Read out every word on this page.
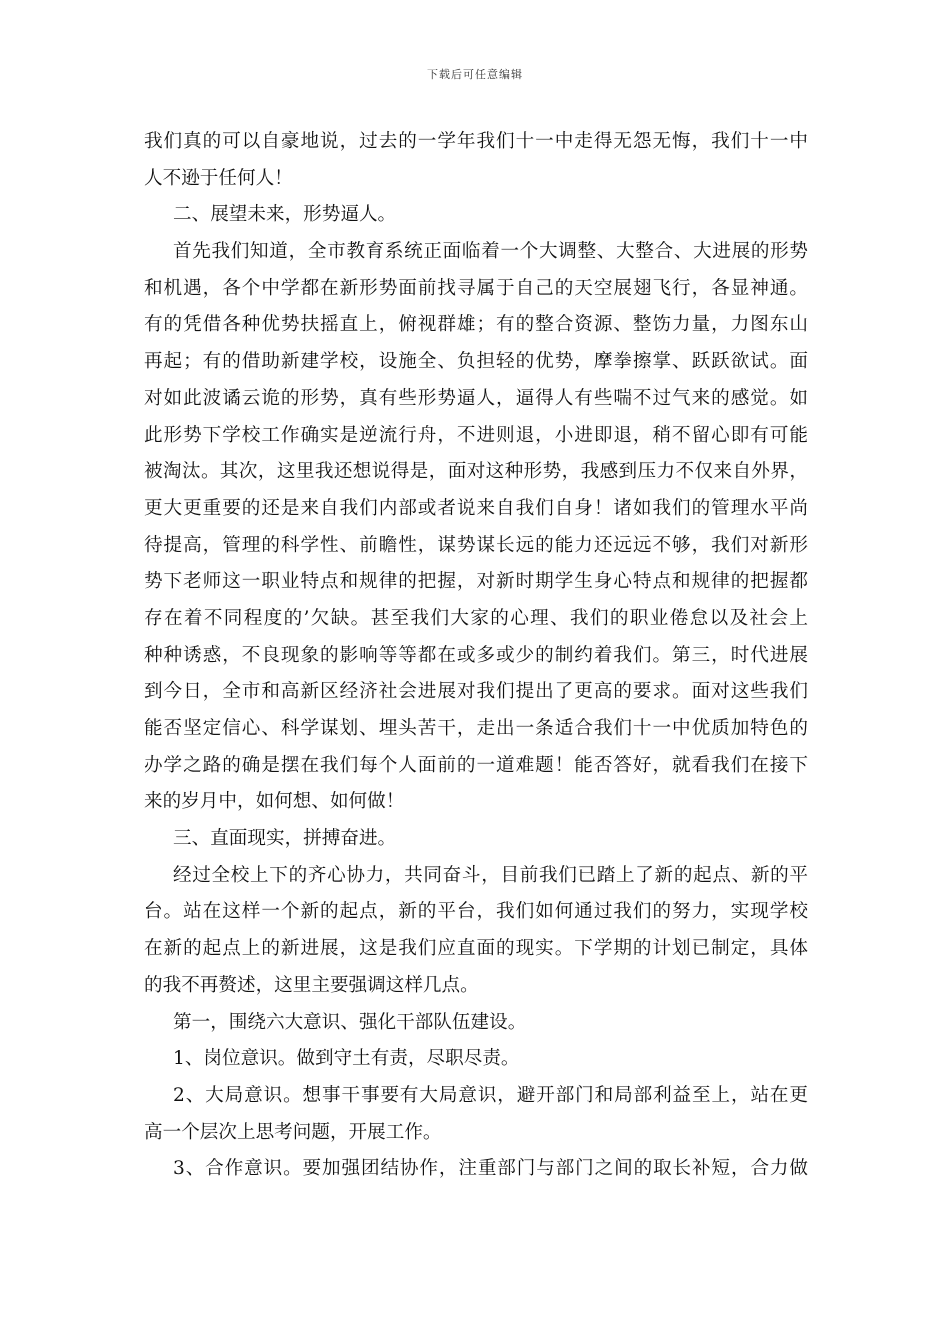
下载后可任意编辑
我们真的可以自豪地说，过去的一学年我们十一中走得无怨无悔，我们十一中
人不逊于任何人！
二、展望未来，形势逼人。
首先我们知道，全市教育系统正面临着一个大调整、大整合、大进展的形势
和机遇，各个中学都在新形势面前找寻属于自己的天空展翅飞行，各显神通。
有的凭借各种优势扶摇直上，俯视群雄；有的整合资源、整饬力量，力图东山
再起；有的借助新建学校，设施全、负担轻的优势，摩拳擦掌、跃跃欲试。面
对如此波谲云诡的形势，真有些形势逼人，逼得人有些喘不过气来的感觉。如
此形势下学校工作确实是逆流行舟，不进则退，小进即退，稍不留心即有可能
被淘汰。其次，这里我还想说得是，面对这种形势，我感到压力不仅来自外界，
更大更重要的还是来自我们内部或者说来自我们自身！诸如我们的管理水平尚
待提高，管理的科学性、前瞻性，谋势谋长远的能力还远远不够，我们对新形
势下老师这一职业特点和规律的把握，对新时期学生身心特点和规律的把握都
存在着不同程度的’欠缺。甚至我们大家的心理、我们的职业倦怠以及社会上
种种诱惑，不良现象的影响等等都在或多或少的制约着我们。第三，时代进展
到今日，全市和高新区经济社会进展对我们提出了更高的要求。面对这些我们
能否坚定信心、科学谋划、埋头苦干，走出一条适合我们十一中优质加特色的
办学之路的确是摆在我们每个人面前的一道难题！能否答好，就看我们在接下
来的岁月中，如何想、如何做！
三、直面现实，拼搏奋进。
经过全校上下的齐心协力，共同奋斗，目前我们已踏上了新的起点、新的平
台。站在这样一个新的起点，新的平台，我们如何通过我们的努力，实现学校
在新的起点上的新进展，这是我们应直面的现实。下学期的计划已制定，具体
的我不再赘述，这里主要强调这样几点。
第一，围绕六大意识、强化干部队伍建设。
1、岗位意识。做到守土有责，尽职尽责。
2、大局意识。想事干事要有大局意识，避开部门和局部利益至上，站在更
高一个层次上思考问题，开展工作。
3、合作意识。要加强团结协作，注重部门与部门之间的取长补短，合力做
